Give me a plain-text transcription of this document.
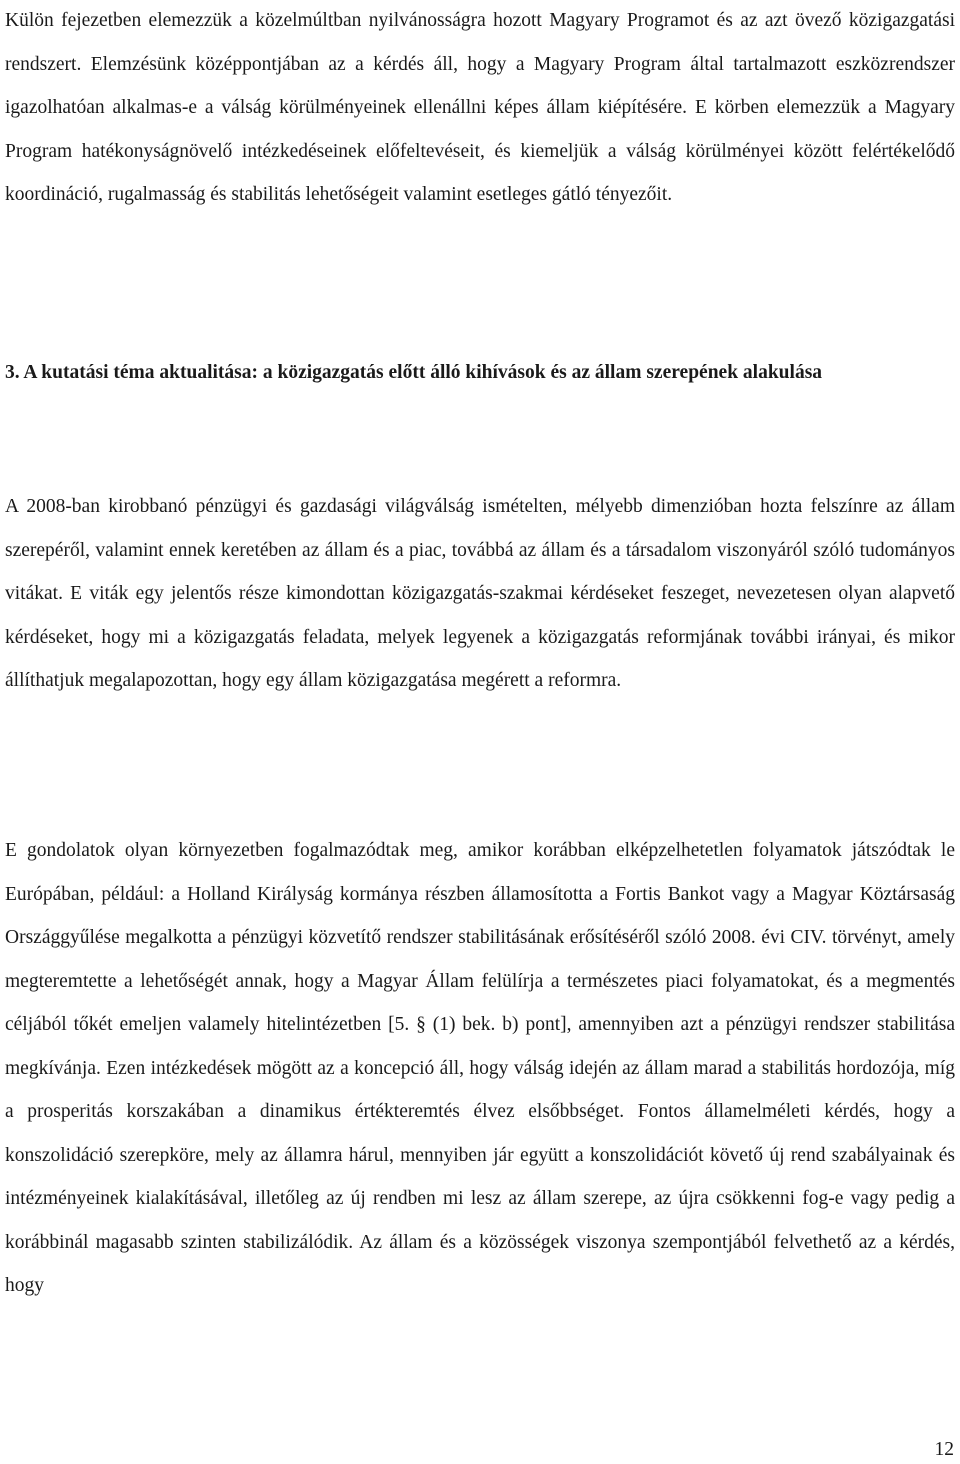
Külön fejezetben elemezzük a közelmúltban nyilvánosságra hozott Magyary Programot és az azt övező közigazgatási rendszert. Elemzésünk középpontjában az a kérdés áll, hogy a Magyary Program által tartalmazott eszközrendszer igazolhatóan alkalmas-e a válság körülményeinek ellenállni képes állam kiépítésére. E körben elemezzük a Magyary Program hatékonyságnövelő intézkedéseinek előfeltevéseit, és kiemeljük a válság körülményei között felértékelődő koordináció, rugalmasság és stabilitás lehetőségeit valamint esetleges gátló tényezőit.

3. A kutatási téma aktualitása: a közigazgatás előtt álló kihívások és az állam szerepének alakulása

A 2008-ban kirobbanó pénzügyi és gazdasági világválság ismételten, mélyebb dimenzióban hozta felszínre az állam szerepéről, valamint ennek keretében az állam és a piac, továbbá az állam és a társadalom viszonyáról szóló tudományos vitákat. E viták egy jelentős része kimondottan közigazgatás-szakmai kérdéseket feszeget, nevezetesen olyan alapvető kérdéseket, hogy mi a közigazgatás feladata, melyek legyenek a közigazgatás reformjának további irányai, és mikor állíthatjuk megalapozottan, hogy egy állam közigazgatása megérett a reformra.

E gondolatok olyan környezetben fogalmazódtak meg, amikor korábban elképzelhetetlen folyamatok játszódtak le Európában, például: a Holland Királyság kormánya részben államosította a Fortis Bankot vagy a Magyar Köztársaság Országgyűlése megalkotta a pénzügyi közvetítő rendszer stabilitásának erősítéséről szóló 2008. évi CIV. törvényt, amely megteremtette a lehetőségét annak, hogy a Magyar Állam felülírja a természetes piaci folyamatokat, és a megmentés céljából tőkét emeljen valamely hitelintézetben [5. § (1) bek. b) pont], amennyiben azt a pénzügyi rendszer stabilitása megkívánja. Ezen intézkedések mögött az a koncepció áll, hogy válság idején az állam marad a stabilitás hordozója, míg a prosperitás korszakában a dinamikus értékteremtés élvez elsőbbséget. Fontos államelméleti kérdés, hogy a konszolidáció szerepköre, mely az államra hárul, mennyiben jár együtt a konszolidációt követő új rend szabályainak és intézményeinek kialakításával, illetőleg az új rendben mi lesz az állam szerepe, az újra csökkenni fog-e vagy pedig a korábbinál magasabb szinten stabilizálódik. Az állam és a közösségek viszonya szempontjából felvethető az a kérdés, hogy

12
